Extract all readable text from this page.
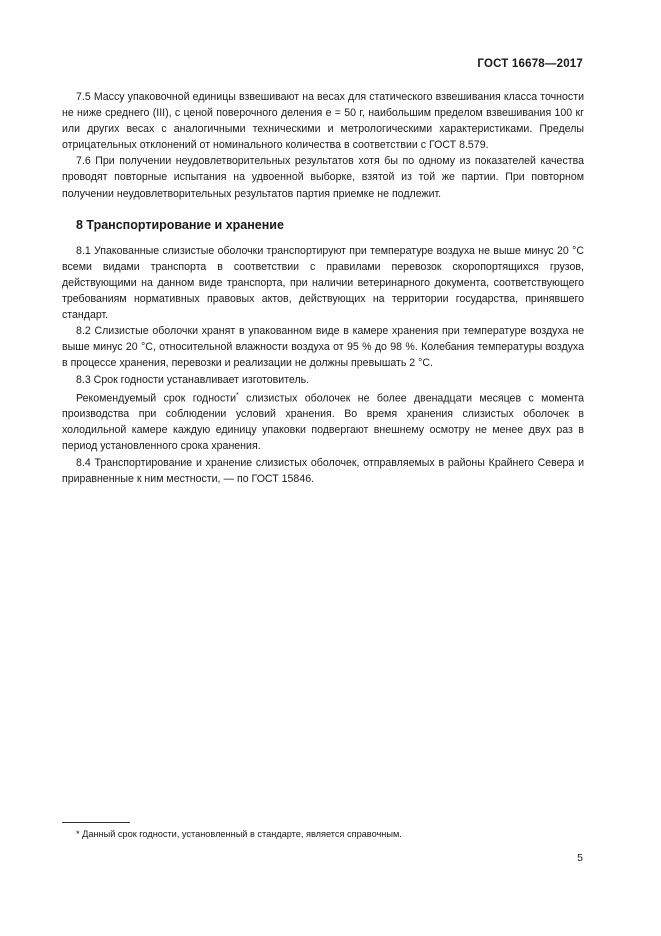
ГОСТ 16678—2017

7.5 Массу упаковочной единицы взвешивают на весах для статического взвешивания класса точности не ниже среднего (III), с ценой поверочного деления e = 50 г, наибольшим пределом взвешивания 100 кг или других весах с аналогичными техническими и метрологическими характеристиками. Пределы отрицательных отклонений от номинального количества в соответствии с ГОСТ 8.579.

7.6 При получении неудовлетворительных результатов хотя бы по одному из показателей качества проводят повторные испытания на удвоенной выборке, взятой из той же партии. При повторном получении неудовлетворительных результатов партия приемке не подлежит.

8 Транспортирование и хранение

8.1 Упакованные слизистые оболочки транспортируют при температуре воздуха не выше минус 20 °С всеми видами транспорта в соответствии с правилами перевозок скоропортящихся грузов, действующими на данном виде транспорта, при наличии ветеринарного документа, соответствующего требованиям нормативных правовых актов, действующих на территории государства, принявшего стандарт.

8.2 Слизистые оболочки хранят в упакованном виде в камере хранения при температуре воздуха не выше минус 20 °С, относительной влажности воздуха от 95 % до 98 %. Колебания температуры воздуха в процессе хранения, перевозки и реализации не должны превышать 2 °С.

8.3 Срок годности устанавливает изготовитель.

Рекомендуемый срок годности* слизистых оболочек не более двенадцати месяцев с момента производства при соблюдении условий хранения. Во время хранения слизистых оболочек в холодильной камере каждую единицу упаковки подвергают внешнему осмотру не менее двух раз в период установленного срока хранения.

8.4 Транспортирование и хранение слизистых оболочек, отправляемых в районы Крайнего Севера и приравненные к ним местности, — по ГОСТ 15846.

* Данный срок годности, установленный в стандарте, является справочным.
5
